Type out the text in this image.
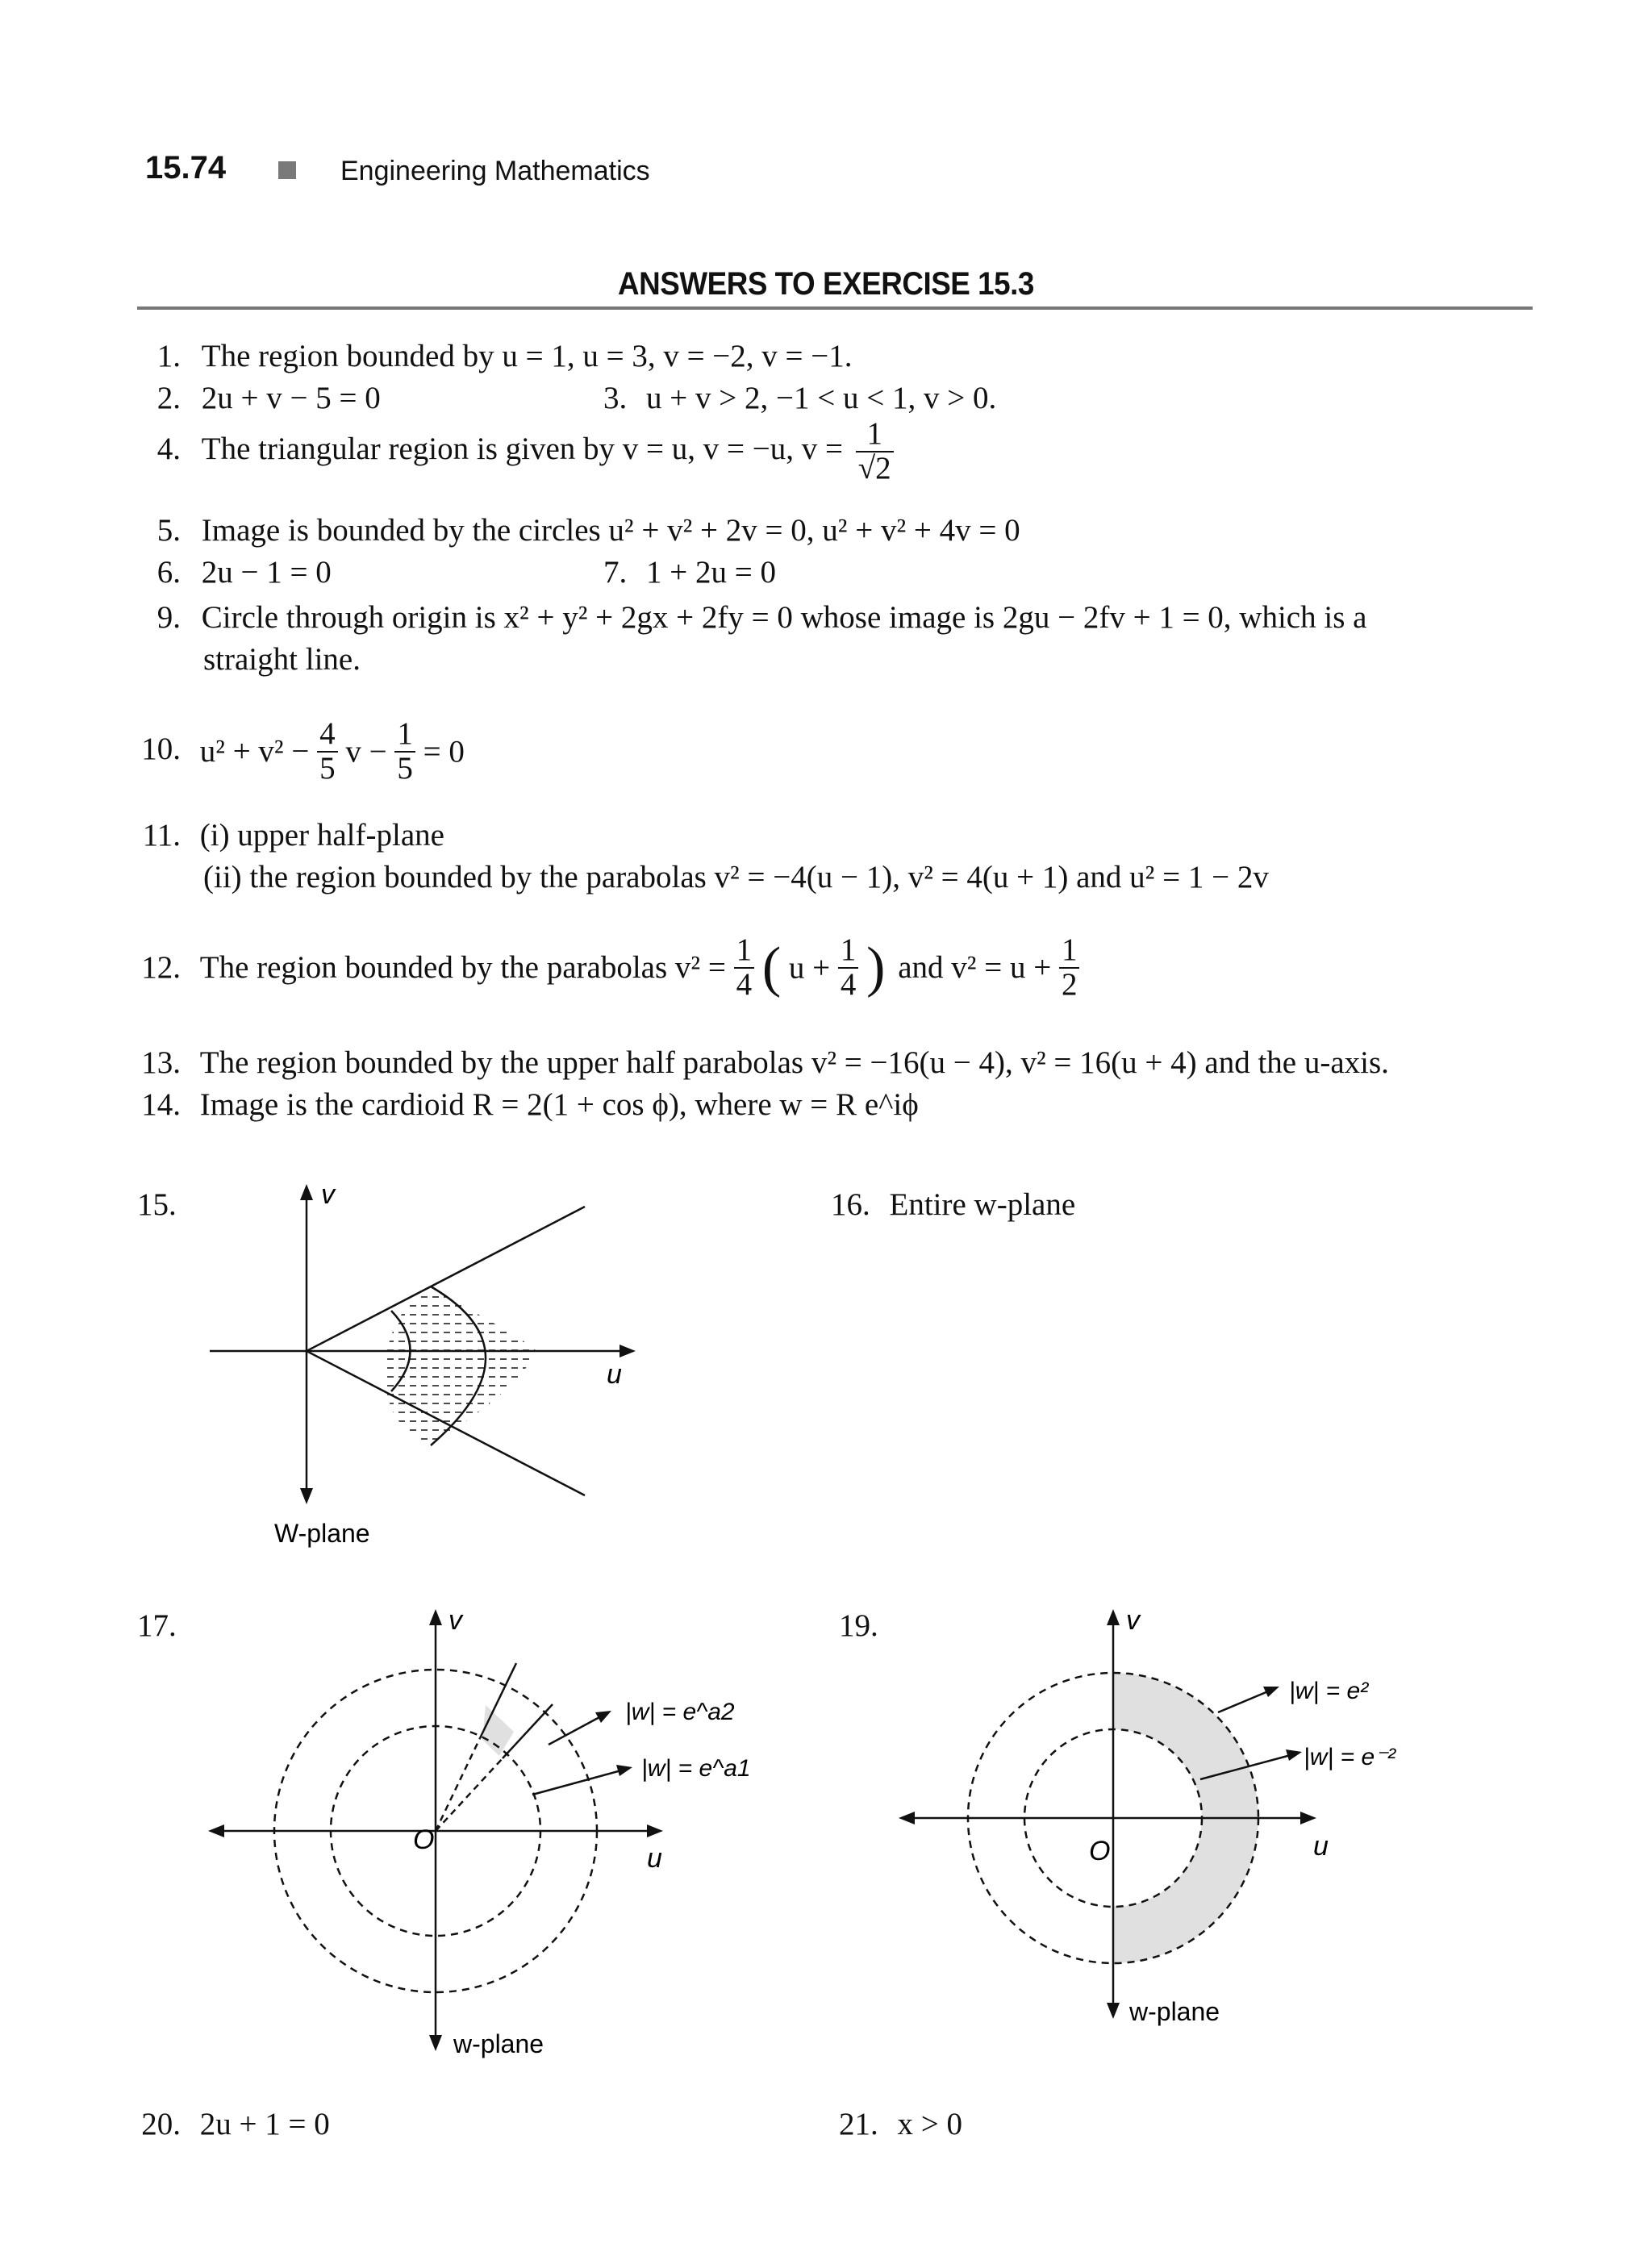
15.74	Engineering Mathematics
ANSWERS TO EXERCISE 15.3
1. The region bounded by u = 1, u = 3, v = −2, v = −1.
2. 2u + v − 5 = 0	3. u + v > 2, −1 < u < 1, v > 0.
4. The triangular region is given by v = u, v = −u, $v = \frac{1}{√2}$
5. Image is bounded by the circles u² + v² + 2v = 0, u² + v² + 4v = 0
6. 2u − 1 = 0	7. 1 + 2u = 0
9. Circle through origin is x² + y² + 2gx + 2fy = 0 whose image is 2gu − 2fv + 1 = 0, which is a
straight line.
10. $u^2 + v^2 - \frac{4}{5}$ $v - \frac{1}{5} = 0$
11. (i) upper half-plane
(ii) the region bounded by the parabolas v² = −4(u − 1), v² = 4(u + 1) and u² = 1 − 2v
12. The region bounded by the parabolas $v^2 = \frac{1}{4}$ ( $u + \frac{1}{4}$ ) and $v^2 = u + \frac{1}{2}$
13. The region bounded by the upper half parabolas v² = −16(u − 4), v² = 16(u + 4) and the u-axis.
14. Image is the cardioid R = 2(1 + cos ϕ), where w = R e^iϕ
15.	v
u
W-plane
16. Entire w-plane
17.	v
u
O
w-plane
|w| = e^a2
|w| = e^a1
19.	v
u
O
w-plane
|w| = e²
|w| = e⁻²
20. 2u + 1 = 0	21. x > 0
